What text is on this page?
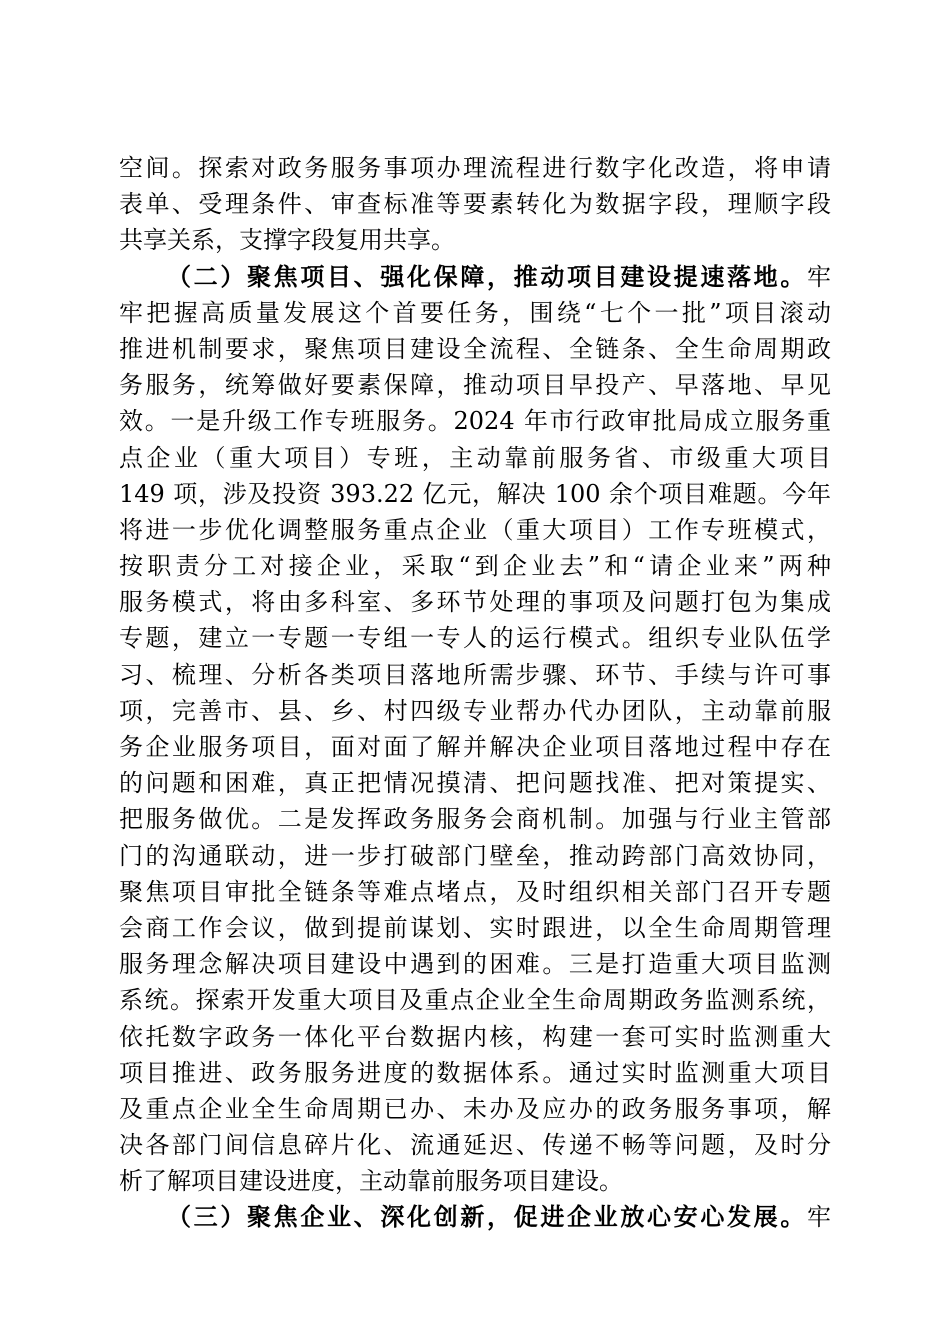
空间。探索对政务服务事项办理流程进行数字化改造，将申请
表单、受理条件、审查标准等要素转化为数据字段，理顺字段
共享关系，支撑字段复用共享。
（二）聚焦项目、强化保障，推动项目建设提速落地。牢
牢把握高质量发展这个首要任务，围绕“七个一批”项目滚动
推进机制要求，聚焦项目建设全流程、全链条、全生命周期政
务服务，统筹做好要素保障，推动项目早投产、早落地、早见
效。一是升级工作专班服务。2024 年市行政审批局成立服务重
点企业（重大项目）专班，主动靠前服务省、市级重大项目
149 项，涉及投资 393.22 亿元，解决 100 余个项目难题。今年
将进一步优化调整服务重点企业（重大项目）工作专班模式，
按职责分工对接企业，采取“到企业去”和“请企业来”两种
服务模式，将由多科室、多环节处理的事项及问题打包为集成
专题，建立一专题一专组一专人的运行模式。组织专业队伍学
习、梳理、分析各类项目落地所需步骤、环节、手续与许可事
项，完善市、县、乡、村四级专业帮办代办团队，主动靠前服
务企业服务项目，面对面了解并解决企业项目落地过程中存在
的问题和困难，真正把情况摸清、把问题找准、把对策提实、
把服务做优。二是发挥政务服务会商机制。加强与行业主管部
门的沟通联动，进一步打破部门壁垒，推动跨部门高效协同，
聚焦项目审批全链条等难点堵点，及时组织相关部门召开专题
会商工作会议，做到提前谋划、实时跟进，以全生命周期管理
服务理念解决项目建设中遇到的困难。三是打造重大项目监测
系统。探索开发重大项目及重点企业全生命周期政务监测系统，
依托数字政务一体化平台数据内核，构建一套可实时监测重大
项目推进、政务服务进度的数据体系。通过实时监测重大项目
及重点企业全生命周期已办、未办及应办的政务服务事项，解
决各部门间信息碎片化、流通延迟、传递不畅等问题，及时分
析了解项目建设进度，主动靠前服务项目建设。
（三）聚焦企业、深化创新，促进企业放心安心发展。牢
